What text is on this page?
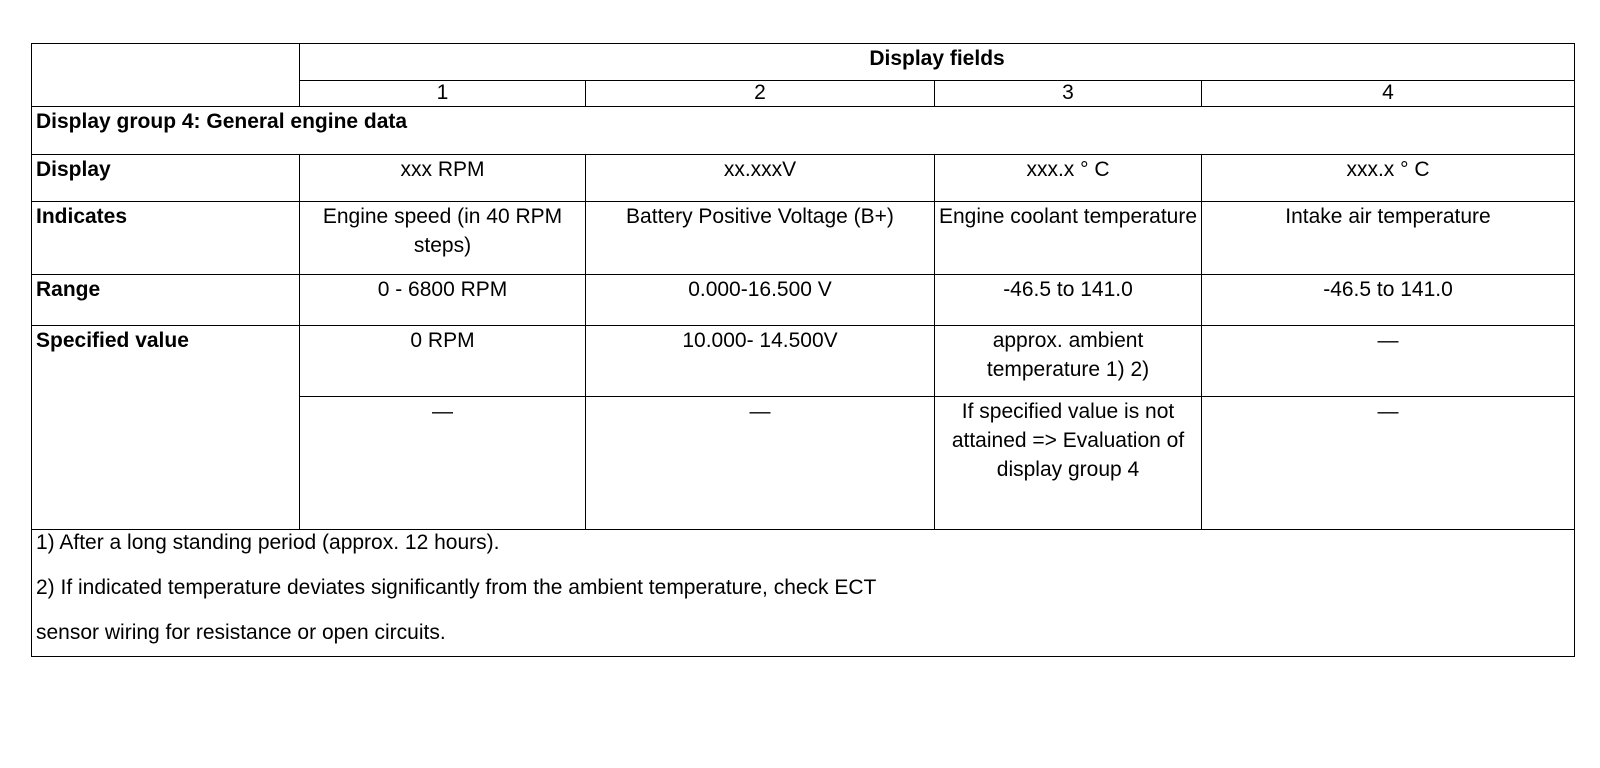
	Display fields			
	1	2	3	4
Display group 4: General engine data				
Display	xxx RPM	xx.xxxV	xxx.x ° C	xxx.x ° C
Indicates	Engine speed (in 40 RPM steps)	Battery Positive Voltage (B+)	Engine coolant temperature	Intake air temperature
Range	0 - 6800 RPM	0.000-16.500 V	-46.5 to 141.0	-46.5 to 141.0
Specified value	0 RPM	10.000- 14.500V	approx. ambient temperature 1) 2)	—
	—	—	If specified value is not attained => Evaluation of display group 4	—

1) After a long standing period (approx. 12 hours).
2) If indicated temperature deviates significantly from the ambient temperature, check ECT
sensor wiring for resistance or open circuits.				
